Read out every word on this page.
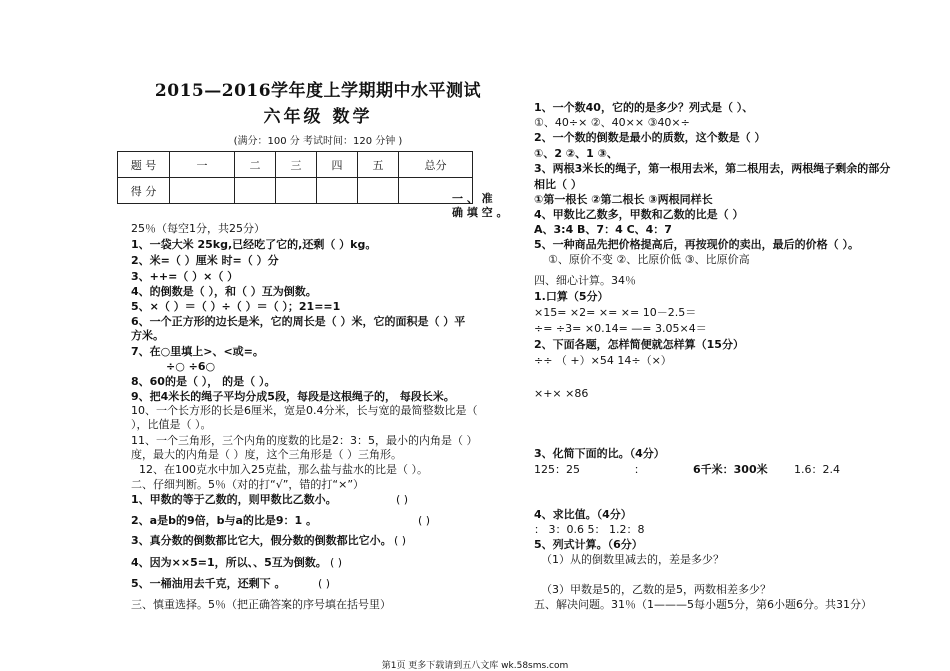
2015—2016学年度上学期期中水平测试
六年级 数学
(满分：100 分 考试时间：120 分钟 )
题 号	一	二	三	四	五	总分
得 分						
一 、 准
确 填 空 。
25％（每空1分，共25分）
1、一袋大米 25kg,已经吃了它的,还剩（ ）kg。
2、米=（ ）厘米 时=（ ）分
3、++=（ ）×（ ）
4、的倒数是（ ），和（ ）互为倒数。
5、×（ ）＝（ ）÷（ ）＝（ ）；21==1
6、一个正方形的边长是米，它的周长是（ ）米，它的面积是（ ）平
方米。
7、在○里填上>、<或=。
÷○ ÷6○
8、60的是（ ）， 的是（ ）。
9、把4米长的绳子平均分成5段，每段是这根绳子的， 每段长米。
10、一个长方形的长是6厘米，宽是0.4分米，长与宽的最简整数比是（
），比值是（ ）。
11、一个三角形，三个内角的度数的比是2：3：5，最小的内角是（ ）
度，最大的内角是（ ）度，这个三角形是（ ）三角形。
12、在100克水中加入25克盐，那么盐与盐水的比是（ ）。
二、仔细判断。5％（对的打“√”，错的打“×”）
1、甲数的等于乙数的，则甲数比乙数小。	( )
2、a是b的9倍，b与a的比是9：1 。	( )
3、真分数的倒数都比它大，假分数的倒数都比它小。 ( )
4、因为××5=1，所以、、5互为倒数。 ( )
5、一桶油用去千克，还剩下 。	( )
三、慎重选择。5％（把正确答案的序号填在括号里）
1、一个数40，它的的是多少？列式是（ ）、
①、40÷× ②、40×× ③40×÷
2、一个数的倒数是最小的质数，这个数是（ ）
①、2 ②、1 ③、
3、两根3米长的绳子，第一根用去米，第二根用去，两根绳子剩余的部分
相比（ ）
①第一根长 ②第二根长 ③两根同样长
4、甲数比乙数多，甲数和乙数的比是（ ）
A、3:4 B、7：4 C、4：7
5、一种商品先把价格提高后，再按现价的卖出，最后的价格（ ）。
①、原价不变 ②、比原价低 ③、比原价高
四、细心计算。34％
1.口算（5分）
×15= ×2= ×= ×= 10－2.5＝
÷= ÷3= ×0.14= —= 3.05×4＝
2、下面各题，怎样简便就怎样算（15分）
÷÷ （ +）×54 14÷（×）
×+× ×86
3、化简下面的比。（4分）
125：25	：	6千米：300米 1.6：2.4
4、求比值。（4分）
： 3：0.6 5： 1.2：8
5、列式计算。（6分）
（1）从的倒数里减去的，差是多少？
（3）甲数是5的，乙数的是5，两数相差多少？
五、解决问题。31％（1———5每小题5分，第6小题6分。共31分）
第1页 更多下载请到五八文库 wk.58sms.com
